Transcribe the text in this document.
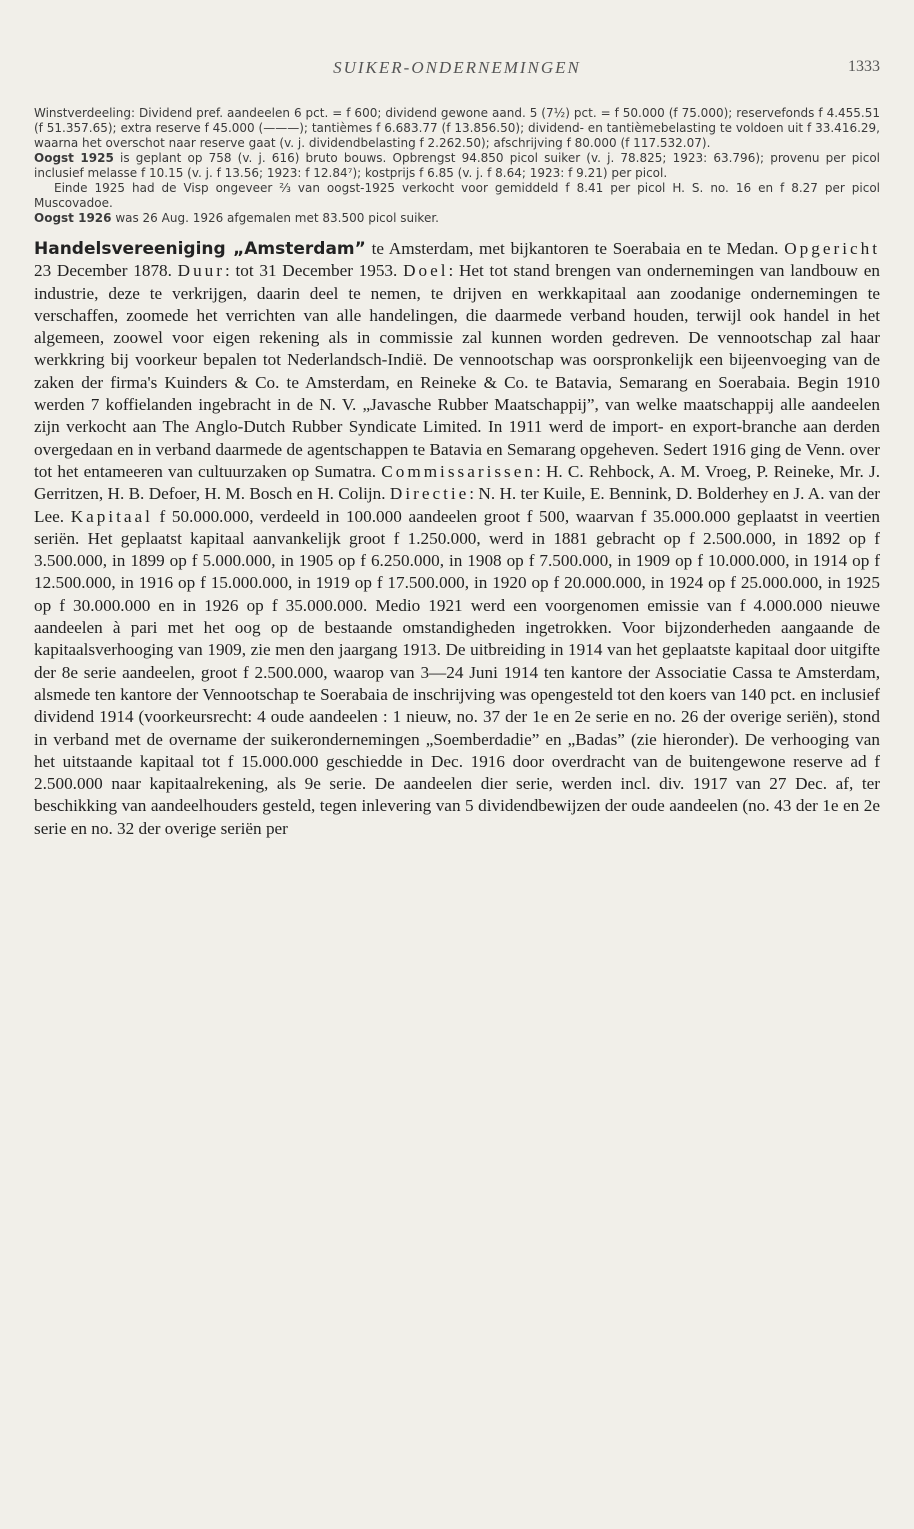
SUIKER-ONDERNEMINGEN	1333

Winstverdeeling: Dividend pref. aandeelen 6 pct. = f 600; dividend gewone aand. 5 (7½) pct. = f 50.000 (f 75.000); reservefonds f 4.455.51 (f 51.357.65); extra reserve f 45.000 (———); tantièmes f 6.683.77 (f 13.856.50); dividend- en tantièmebelasting te voldoen uit f 33.416.29, waarna het overschot naar reserve gaat (v. j. dividendbelasting f 2.262.50); afschrijving f 80.000 (f 117.532.07).

Oogst 1925 is geplant op 758 (v. j. 616) bruto bouws. Opbrengst 94.850 picol suiker (v. j. 78.825; 1923: 63.796); provenu per picol inclusief melasse f 10.15 (v. j. f 13.56; 1923: f 12.84⁷); kostprijs f 6.85 (v. j. f 8.64; 1923: f 9.21) per picol.

Einde 1925 had de Visp ongeveer ⅔ van oogst-1925 verkocht voor gemiddeld f 8.41 per picol H. S. no. 16 en f 8.27 per picol Muscovadoe.

Oogst 1926 was 26 Aug. 1926 afgemalen met 83.500 picol suiker.

Handelsvereeniging „Amsterdam” te Amsterdam, met bijkantoren te Soerabaia en te Medan. Opgericht 23 December 1878. Duur: tot 31 December 1953. Doel: Het tot stand brengen van ondernemingen van landbouw en industrie, deze te verkrijgen, daarin deel te nemen, te drijven en werkkapitaal aan zoodanige ondernemingen te verschaffen, zoomede het verrichten van alle handelingen, die daarmede verband houden, terwijl ook handel in het algemeen, zoowel voor eigen rekening als in commissie zal kunnen worden gedreven. De vennootschap zal haar werkkring bij voorkeur bepalen tot Nederlandsch-Indië. De vennootschap was oorspronkelijk een bijeenvoeging van de zaken der firma's Kuinders & Co. te Amsterdam, en Reineke & Co. te Batavia, Semarang en Soerabaia. Begin 1910 werden 7 koffielanden ingebracht in de N. V. „Javasche Rubber Maatschappij”, van welke maatschappij alle aandeelen zijn verkocht aan The Anglo-Dutch Rubber Syndicate Limited. In 1911 werd de import- en export-branche aan derden overgedaan en in verband daarmede de agentschappen te Batavia en Semarang opgeheven. Sedert 1916 ging de Venn. over tot het entameeren van cultuurzaken op Sumatra. Commissarissen: H. C. Rehbock, A. M. Vroeg, P. Reineke, Mr. J. Gerritzen, H. B. Defoer, H. M. Bosch en H. Colijn. Directie: N. H. ter Kuile, E. Bennink, D. Bolderhey en J. A. van der Lee. Kapitaal f 50.000.000, verdeeld in 100.000 aandeelen groot f 500, waarvan f 35.000.000 geplaatst in veertien seriën. Het geplaatst kapitaal aanvankelijk groot f 1.250.000, werd in 1881 gebracht op f 2.500.000, in 1892 op f 3.500.000, in 1899 op f 5.000.000, in 1905 op f 6.250.000, in 1908 op f 7.500.000, in 1909 op f 10.000.000, in 1914 op f 12.500.000, in 1916 op f 15.000.000, in 1919 op f 17.500.000, in 1920 op f 20.000.000, in 1924 op f 25.000.000, in 1925 op f 30.000.000 en in 1926 op f 35.000.000. Medio 1921 werd een voorgenomen emissie van f 4.000.000 nieuwe aandeelen à pari met het oog op de bestaande omstandigheden ingetrokken. Voor bijzonderheden aangaande de kapitaalsverhooging van 1909, zie men den jaargang 1913. De uitbreiding in 1914 van het geplaatste kapitaal door uitgifte der 8e serie aandeelen, groot f 2.500.000, waarop van 3—24 Juni 1914 ten kantore der Associatie Cassa te Amsterdam, alsmede ten kantore der Vennootschap te Soerabaia de inschrijving was opengesteld tot den koers van 140 pct. en inclusief dividend 1914 (voorkeursrecht: 4 oude aandeelen : 1 nieuw, no. 37 der 1e en 2e serie en no. 26 der overige seriën), stond in verband met de overname der suikerondernemingen „Soemberdadie” en „Badas” (zie hieronder). De verhooging van het uitstaande kapitaal tot f 15.000.000 geschiedde in Dec. 1916 door overdracht van de buitengewone reserve ad f 2.500.000 naar kapitaalrekening, als 9e serie. De aandeelen dier serie, werden incl. div. 1917 van 27 Dec. af, ter beschikking van aandeelhouders gesteld, tegen inlevering van 5 dividendbewijzen der oude aandeelen (no. 43 der 1e en 2e serie en no. 32 der overige seriën per
